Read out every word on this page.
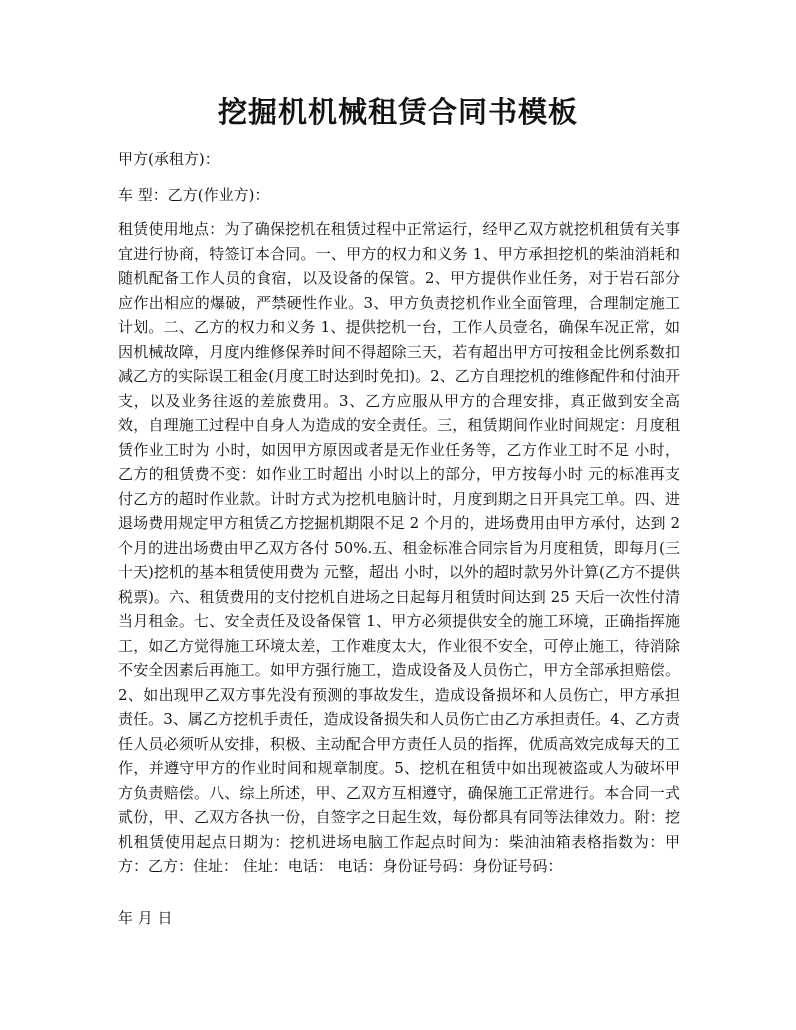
挖掘机机械租赁合同书模板

甲方(承租方)：

车 型：乙方(作业方)：

租赁使用地点：为了确保挖机在租赁过程中正常运行，经甲乙双方就挖机租赁有关事宜进行协商，特签订本合同。一、甲方的权力和义务 1、甲方承担挖机的柴油消耗和随机配备工作人员的食宿，以及设备的保管。2、甲方提供作业任务，对于岩石部分应作出相应的爆破，严禁硬性作业。3、甲方负责挖机作业全面管理，合理制定施工计划。二、乙方的权力和义务 1、提供挖机一台，工作人员壹名，确保车况正常，如因机械故障，月度内维修保养时间不得超除三天，若有超出甲方可按租金比例系数扣减乙方的实际误工租金(月度工时达到时免扣)。2、乙方自理挖机的维修配件和付油开支，以及业务往返的差旅费用。3、乙方应服从甲方的合理安排，真正做到安全高效，自理施工过程中自身人为造成的安全责任。三，租赁期间作业时间规定：月度租赁作业工时为 小时，如因甲方原因或者是无作业任务等，乙方作业工时不足 小时，乙方的租赁费不变：如作业工时超出 小时以上的部分，甲方按每小时 元的标准再支付乙方的超时作业款。计时方式为挖机电脑计时，月度到期之日开具完工单。四、进退场费用规定甲方租赁乙方挖掘机期限不足 2 个月的，进场费用由甲方承付，达到 2 个月的进出场费由甲乙双方各付 50%.五、租金标准合同宗旨为月度租赁，即每月(三十天)挖机的基本租赁使用费为 元整，超出 小时，以外的超时款另外计算(乙方不提供税票)。六、租赁费用的支付挖机自进场之日起每月租赁时间达到 25 天后一次性付清当月租金。七、安全责任及设备保管 1、甲方必须提供安全的施工环境，正确指挥施工，如乙方觉得施工环境太差，工作难度太大，作业很不安全，可停止施工，待消除不安全因素后再施工。如甲方强行施工，造成设备及人员伤亡，甲方全部承担赔偿。2、如出现甲乙双方事先没有预测的事故发生，造成设备损坏和人员伤亡，甲方承担责任。3、属乙方挖机手责任，造成设备损失和人员伤亡由乙方承担责任。4、乙方责任人员必须听从安排，积极、主动配合甲方责任人员的指挥，优质高效完成每天的工作，并遵守甲方的作业时间和规章制度。5、挖机在租赁中如出现被盗或人为破坏甲方负责赔偿。八、综上所述，甲、乙双方互相遵守，确保施工正常进行。本合同一式贰份，甲、乙双方各执一份，自签字之日起生效，每份都具有同等法律效力。附：挖机租赁使用起点日期为：挖机进场电脑工作起点时间为：柴油油箱表格指数为：甲方：乙方：住址： 住址：电话： 电话：身份证号码：身份证号码：

年 月 日
